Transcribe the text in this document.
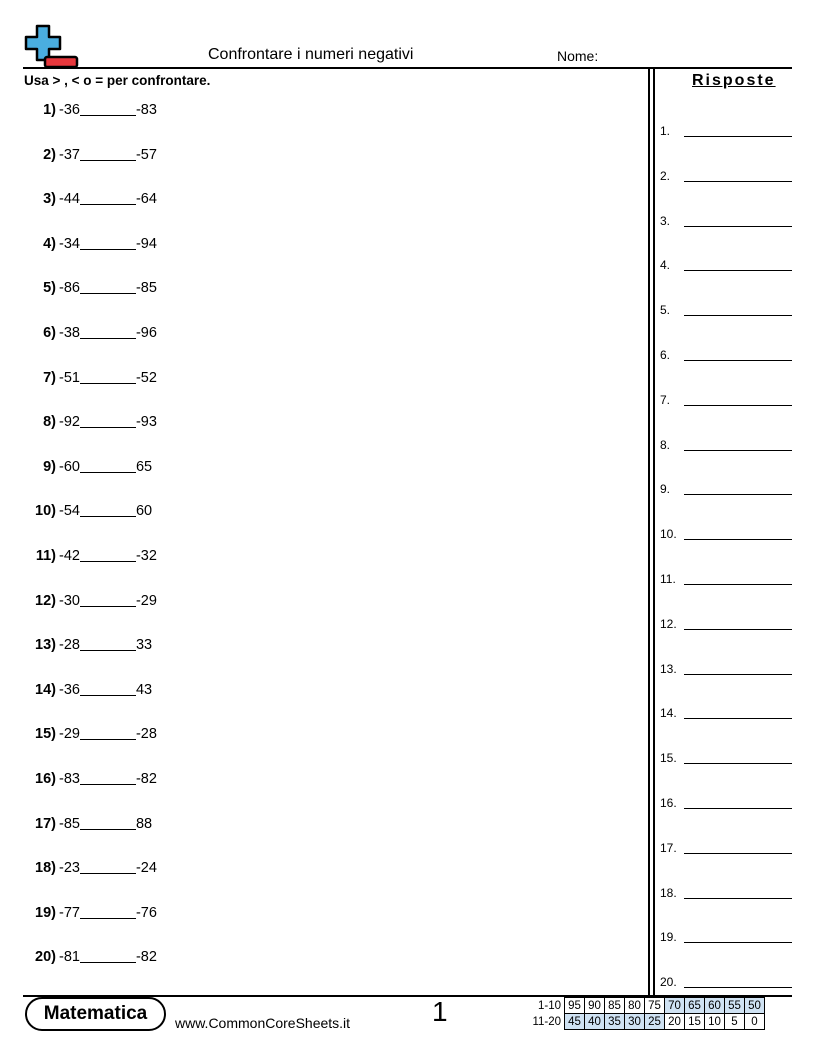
Confrontare i numeri negativi	Nome:
Usa > , < o = per confrontare.
1) -36	-83
2) -37	-57
3) -44	-64
4) -34	-94
5) -86	-85
6) -38	-96
7) -51	-52
8) -92	-93
9) -60	65
10) -54	60
11) -42	-32
12) -30	-29
13) -28	33
14) -36	43
15) -29	-28
16) -83	-82
17) -85	88
18) -23	-24
19) -77	-76
20) -81	-82
Risposte
1.
2.
3.
4.
5.
6.
7.
8.
9.
10.
11.
12.
13.
14.
15.
16.
17.
18.
19.
20.
Matematica	www.CommonCoreSheets.it	1	1-10	95	90	85	80	75	70	65	60	55	50
11-20	45	40	35	30	25	20	15	10	5	0
